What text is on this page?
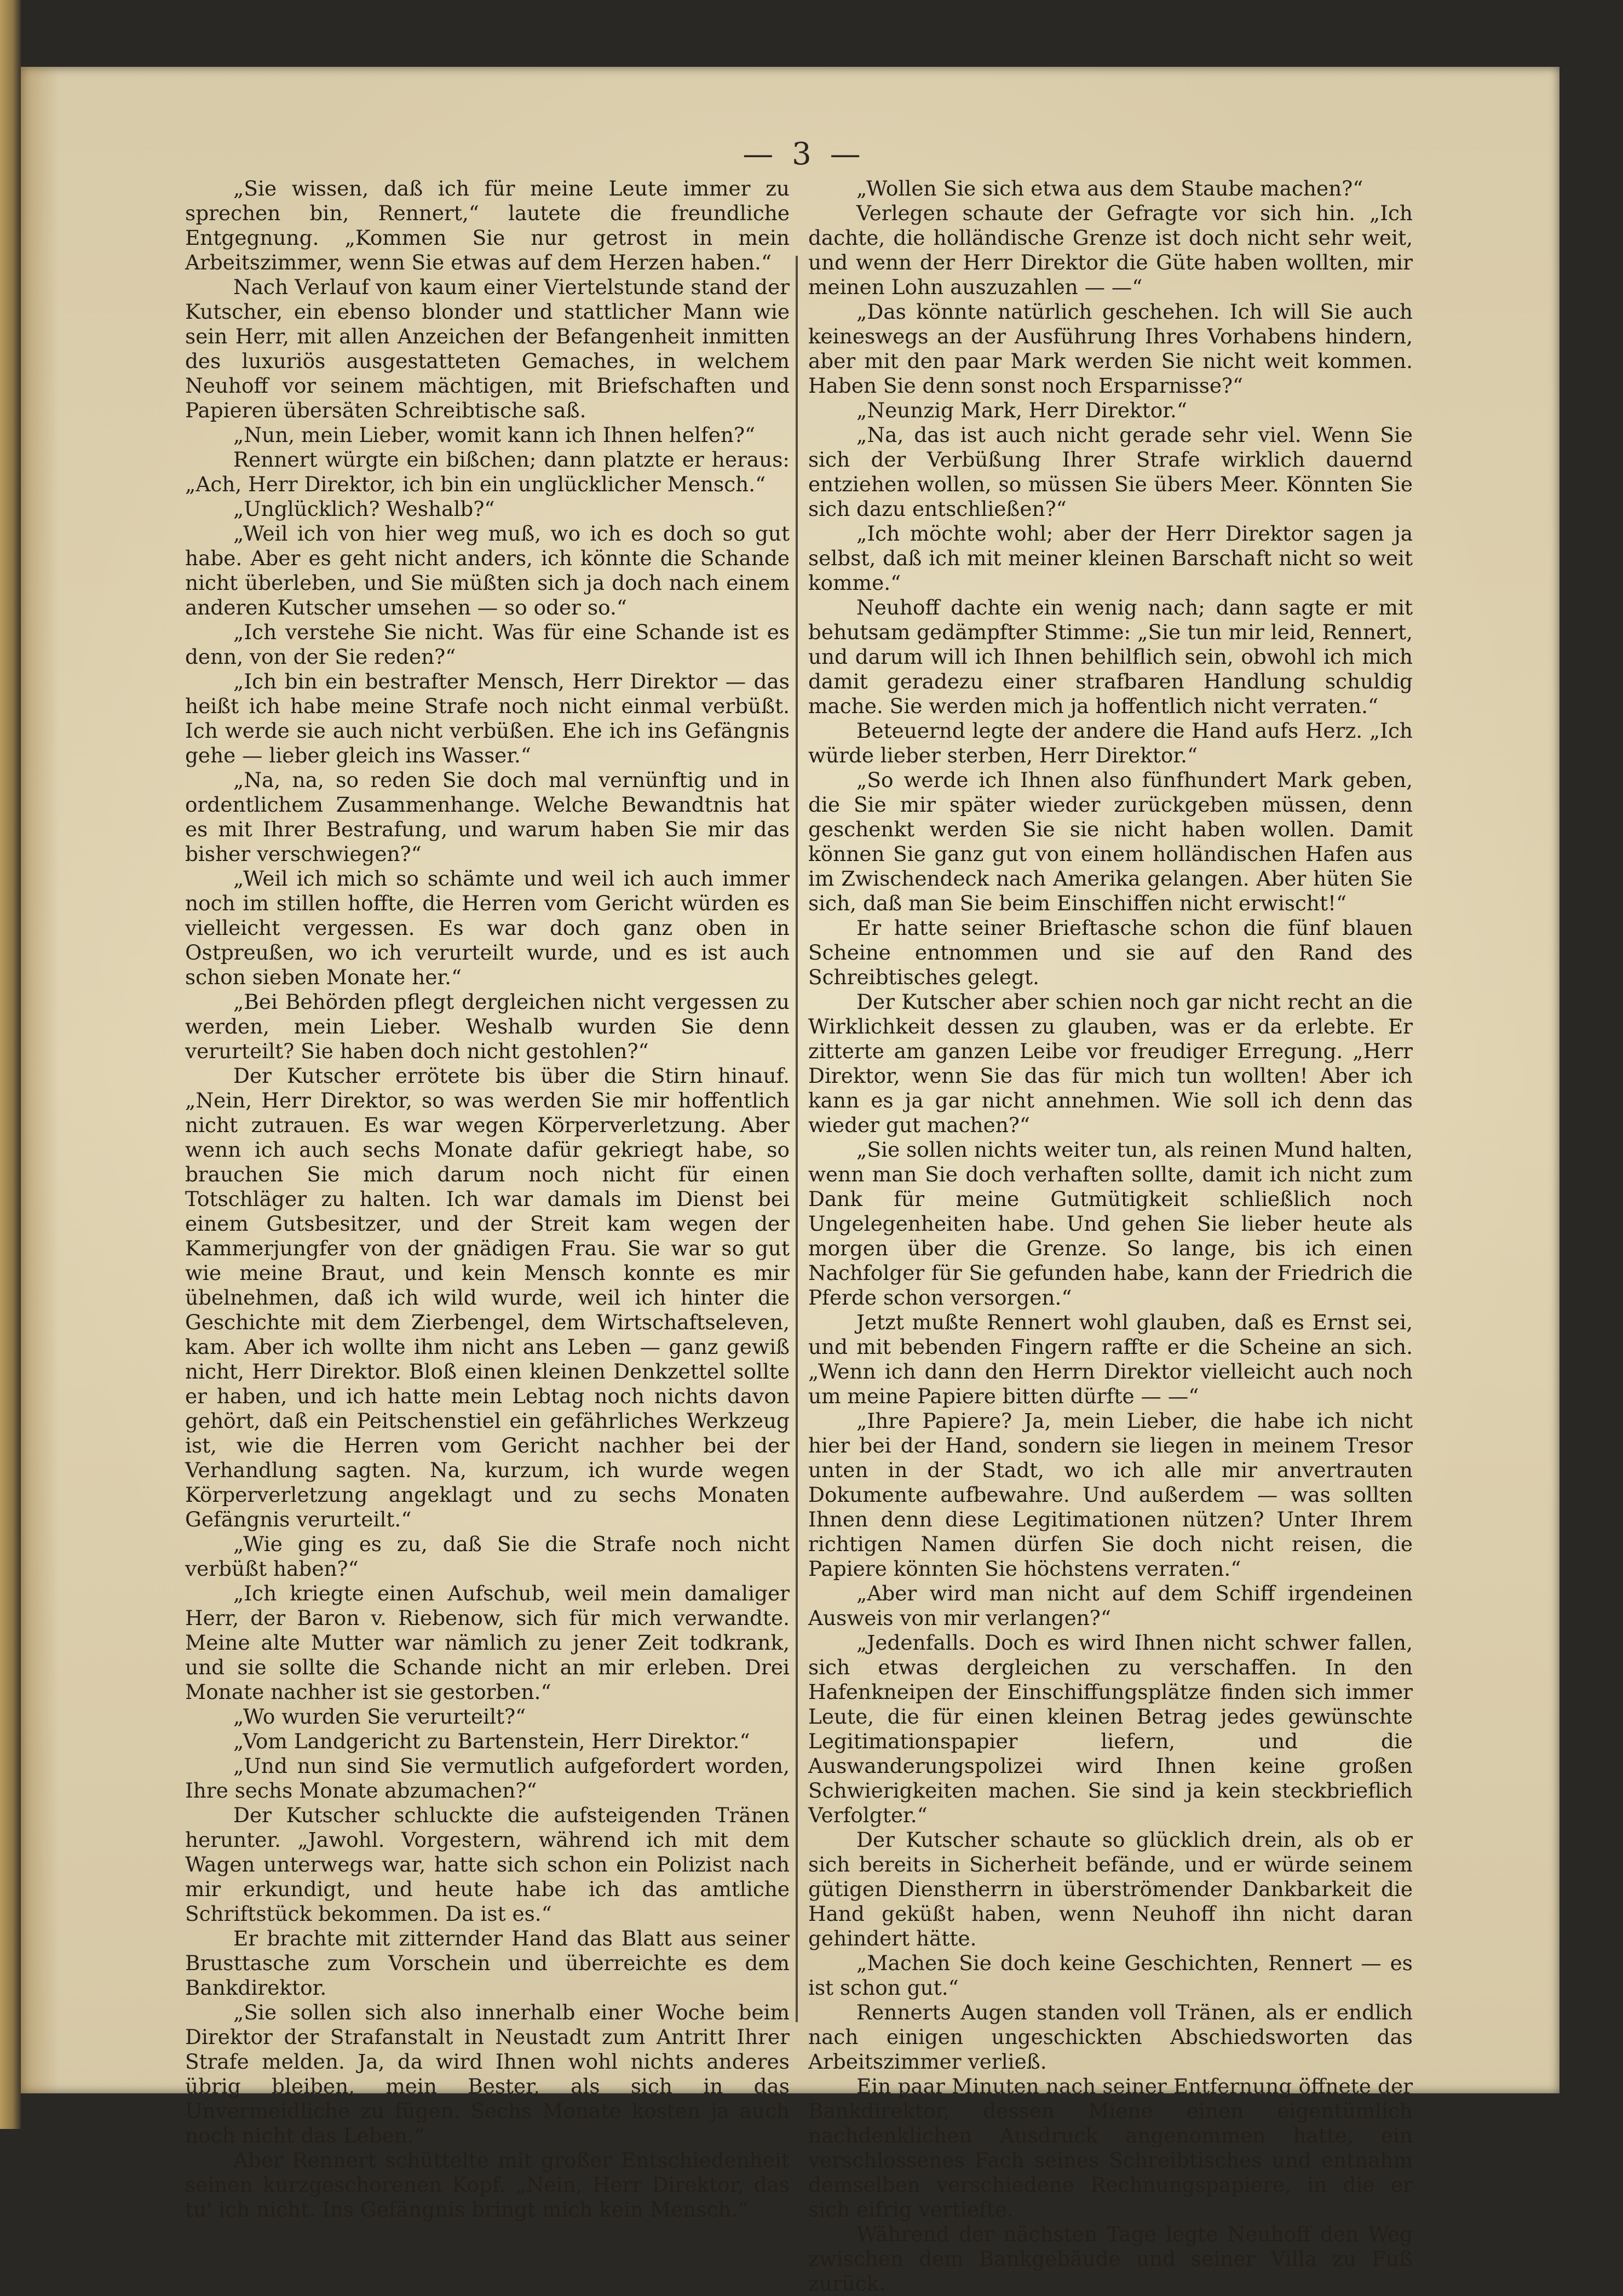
— 3 —

„Sie wissen, daß ich für meine Leute immer zu sprechen bin, Rennert,“ lautete die freundliche Entgegnung. „Kommen Sie nur getrost in mein Arbeitszimmer, wenn Sie etwas auf dem Herzen haben.“

Nach Verlauf von kaum einer Viertelstunde stand der Kutscher, ein ebenso blonder und stattlicher Mann wie sein Herr, mit allen Anzeichen der Befangenheit inmitten des luxuriös ausgestatteten Gemaches, in welchem Neuhoff vor seinem mächtigen, mit Briefschaften und Papieren übersäten Schreibtische saß.

„Nun, mein Lieber, womit kann ich Ihnen helfen?“

Rennert würgte ein bißchen; dann platzte er heraus: „Ach, Herr Direktor, ich bin ein unglücklicher Mensch.“

„Unglücklich? Weshalb?“

„Weil ich von hier weg muß, wo ich es doch so gut habe. Aber es geht nicht anders, ich könnte die Schande nicht überleben, und Sie müßten sich ja doch nach einem anderen Kutscher umsehen — so oder so.“

„Ich verstehe Sie nicht. Was für eine Schande ist es denn, von der Sie reden?“

„Ich bin ein bestrafter Mensch, Herr Direktor — das heißt ich habe meine Strafe noch nicht einmal verbüßt. Ich werde sie auch nicht verbüßen. Ehe ich ins Gefängnis gehe — lieber gleich ins Wasser.“

„Na, na, so reden Sie doch mal vernünftig und in ordentlichem Zusammenhange. Welche Bewandtnis hat es mit Ihrer Bestrafung, und warum haben Sie mir das bisher verschwiegen?“

„Weil ich mich so schämte und weil ich auch immer noch im stillen hoffte, die Herren vom Gericht würden es vielleicht vergessen. Es war doch ganz oben in Ostpreußen, wo ich verurteilt wurde, und es ist auch schon sieben Monate her.“

„Bei Behörden pflegt dergleichen nicht vergessen zu werden, mein Lieber. Weshalb wurden Sie denn verurteilt? Sie haben doch nicht gestohlen?“

Der Kutscher errötete bis über die Stirn hinauf. „Nein, Herr Direktor, so was werden Sie mir hoffentlich nicht zutrauen. Es war wegen Körperverletzung. Aber wenn ich auch sechs Monate dafür gekriegt habe, so brauchen Sie mich darum noch nicht für einen Totschläger zu halten. Ich war damals im Dienst bei einem Gutsbesitzer, und der Streit kam wegen der Kammerjungfer von der gnädigen Frau. Sie war so gut wie meine Braut, und kein Mensch konnte es mir übelnehmen, daß ich wild wurde, weil ich hinter die Geschichte mit dem Zierbengel, dem Wirtschaftseleven, kam. Aber ich wollte ihm nicht ans Leben — ganz gewiß nicht, Herr Direktor. Bloß einen kleinen Denkzettel sollte er haben, und ich hatte mein Lebtag noch nichts davon gehört, daß ein Peitschenstiel ein gefährliches Werkzeug ist, wie die Herren vom Gericht nachher bei der Verhandlung sagten. Na, kurzum, ich wurde wegen Körperverletzung angeklagt und zu sechs Monaten Gefängnis verurteilt.“

„Wie ging es zu, daß Sie die Strafe noch nicht verbüßt haben?“

„Ich kriegte einen Aufschub, weil mein damaliger Herr, der Baron v. Riebenow, sich für mich verwandte. Meine alte Mutter war nämlich zu jener Zeit todkrank, und sie sollte die Schande nicht an mir erleben. Drei Monate nachher ist sie gestorben.“

„Wo wurden Sie verurteilt?“

„Vom Landgericht zu Bartenstein, Herr Direktor.“

„Und nun sind Sie vermutlich aufgefordert worden, Ihre sechs Monate abzumachen?“

Der Kutscher schluckte die aufsteigenden Tränen herunter. „Jawohl. Vorgestern, während ich mit dem Wagen unterwegs war, hatte sich schon ein Polizist nach mir erkundigt, und heute habe ich das amtliche Schriftstück bekommen. Da ist es.“

Er brachte mit zitternder Hand das Blatt aus seiner Brusttasche zum Vorschein und überreichte es dem Bankdirektor.

„Sie sollen sich also innerhalb einer Woche beim Direktor der Strafanstalt in Neustadt zum Antritt Ihrer Strafe melden. Ja, da wird Ihnen wohl nichts anderes übrig bleiben, mein Bester, als sich in das Unvermeidliche zu fügen. Sechs Monate kosten ja auch noch nicht das Leben.“

Aber Rennert schüttelte mit großer Entschiedenheit seinen kurzgeschorenen Kopf. „Nein, Herr Direktor, das tu' ich nicht. Ins Gefängnis bringt mich kein Mensch.“

„Wollen Sie sich etwa aus dem Staube machen?“

Verlegen schaute der Gefragte vor sich hin. „Ich dachte, die holländische Grenze ist doch nicht sehr weit, und wenn der Herr Direktor die Güte haben wollten, mir meinen Lohn auszuzahlen — —“

„Das könnte natürlich geschehen. Ich will Sie auch keineswegs an der Ausführung Ihres Vorhabens hindern, aber mit den paar Mark werden Sie nicht weit kommen. Haben Sie denn sonst noch Ersparnisse?“

„Neunzig Mark, Herr Direktor.“

„Na, das ist auch nicht gerade sehr viel. Wenn Sie sich der Verbüßung Ihrer Strafe wirklich dauernd entziehen wollen, so müssen Sie übers Meer. Könnten Sie sich dazu entschließen?“

„Ich möchte wohl; aber der Herr Direktor sagen ja selbst, daß ich mit meiner kleinen Barschaft nicht so weit komme.“

Neuhoff dachte ein wenig nach; dann sagte er mit behutsam gedämpfter Stimme: „Sie tun mir leid, Rennert, und darum will ich Ihnen behilflich sein, obwohl ich mich damit geradezu einer strafbaren Handlung schuldig mache. Sie werden mich ja hoffentlich nicht verraten.“

Beteuernd legte der andere die Hand aufs Herz. „Ich würde lieber sterben, Herr Direktor.“

„So werde ich Ihnen also fünfhundert Mark geben, die Sie mir später wieder zurückgeben müssen, denn geschenkt werden Sie sie nicht haben wollen. Damit können Sie ganz gut von einem holländischen Hafen aus im Zwischendeck nach Amerika gelangen. Aber hüten Sie sich, daß man Sie beim Einschiffen nicht erwischt!“

Er hatte seiner Brieftasche schon die fünf blauen Scheine entnommen und sie auf den Rand des Schreibtisches gelegt.

Der Kutscher aber schien noch gar nicht recht an die Wirklichkeit dessen zu glauben, was er da erlebte. Er zitterte am ganzen Leibe vor freudiger Erregung. „Herr Direktor, wenn Sie das für mich tun wollten! Aber ich kann es ja gar nicht annehmen. Wie soll ich denn das wieder gut machen?“

„Sie sollen nichts weiter tun, als reinen Mund halten, wenn man Sie doch verhaften sollte, damit ich nicht zum Dank für meine Gutmütigkeit schließlich noch Ungelegenheiten habe. Und gehen Sie lieber heute als morgen über die Grenze. So lange, bis ich einen Nachfolger für Sie gefunden habe, kann der Friedrich die Pferde schon versorgen.“

Jetzt mußte Rennert wohl glauben, daß es Ernst sei, und mit bebenden Fingern raffte er die Scheine an sich. „Wenn ich dann den Herrn Direktor vielleicht auch noch um meine Papiere bitten dürfte — —“

„Ihre Papiere? Ja, mein Lieber, die habe ich nicht hier bei der Hand, sondern sie liegen in meinem Tresor unten in der Stadt, wo ich alle mir anvertrauten Dokumente aufbewahre. Und außerdem — was sollten Ihnen denn diese Legitimationen nützen? Unter Ihrem richtigen Namen dürfen Sie doch nicht reisen, die Papiere könnten Sie höchstens verraten.“

„Aber wird man nicht auf dem Schiff irgendeinen Ausweis von mir verlangen?“

„Jedenfalls. Doch es wird Ihnen nicht schwer fallen, sich etwas dergleichen zu verschaffen. In den Hafenkneipen der Einschiffungsplätze finden sich immer Leute, die für einen kleinen Betrag jedes gewünschte Legitimationspapier liefern, und die Auswanderungspolizei wird Ihnen keine großen Schwierigkeiten machen. Sie sind ja kein steckbrieflich Verfolgter.“

Der Kutscher schaute so glücklich drein, als ob er sich bereits in Sicherheit befände, und er würde seinem gütigen Dienstherrn in überströmender Dankbarkeit die Hand geküßt haben, wenn Neuhoff ihn nicht daran gehindert hätte.

„Machen Sie doch keine Geschichten, Rennert — es ist schon gut.“

Rennerts Augen standen voll Tränen, als er endlich nach einigen ungeschickten Abschiedsworten das Arbeitszimmer verließ.

Ein paar Minuten nach seiner Entfernung öffnete der Bankdirektor, dessen Miene einen eigentümlich nachdenklichen Ausdruck angenommen hatte, ein verschlossenes Fach seines Schreibtisches und entnahm demselben verschiedene Rechnungspapiere, in die er sich eifrig vertiefte.

Während der nächsten Tage legte Neuhoff den Weg zwischen dem Bankgebäude und seiner Villa zu Fuß zurück.
